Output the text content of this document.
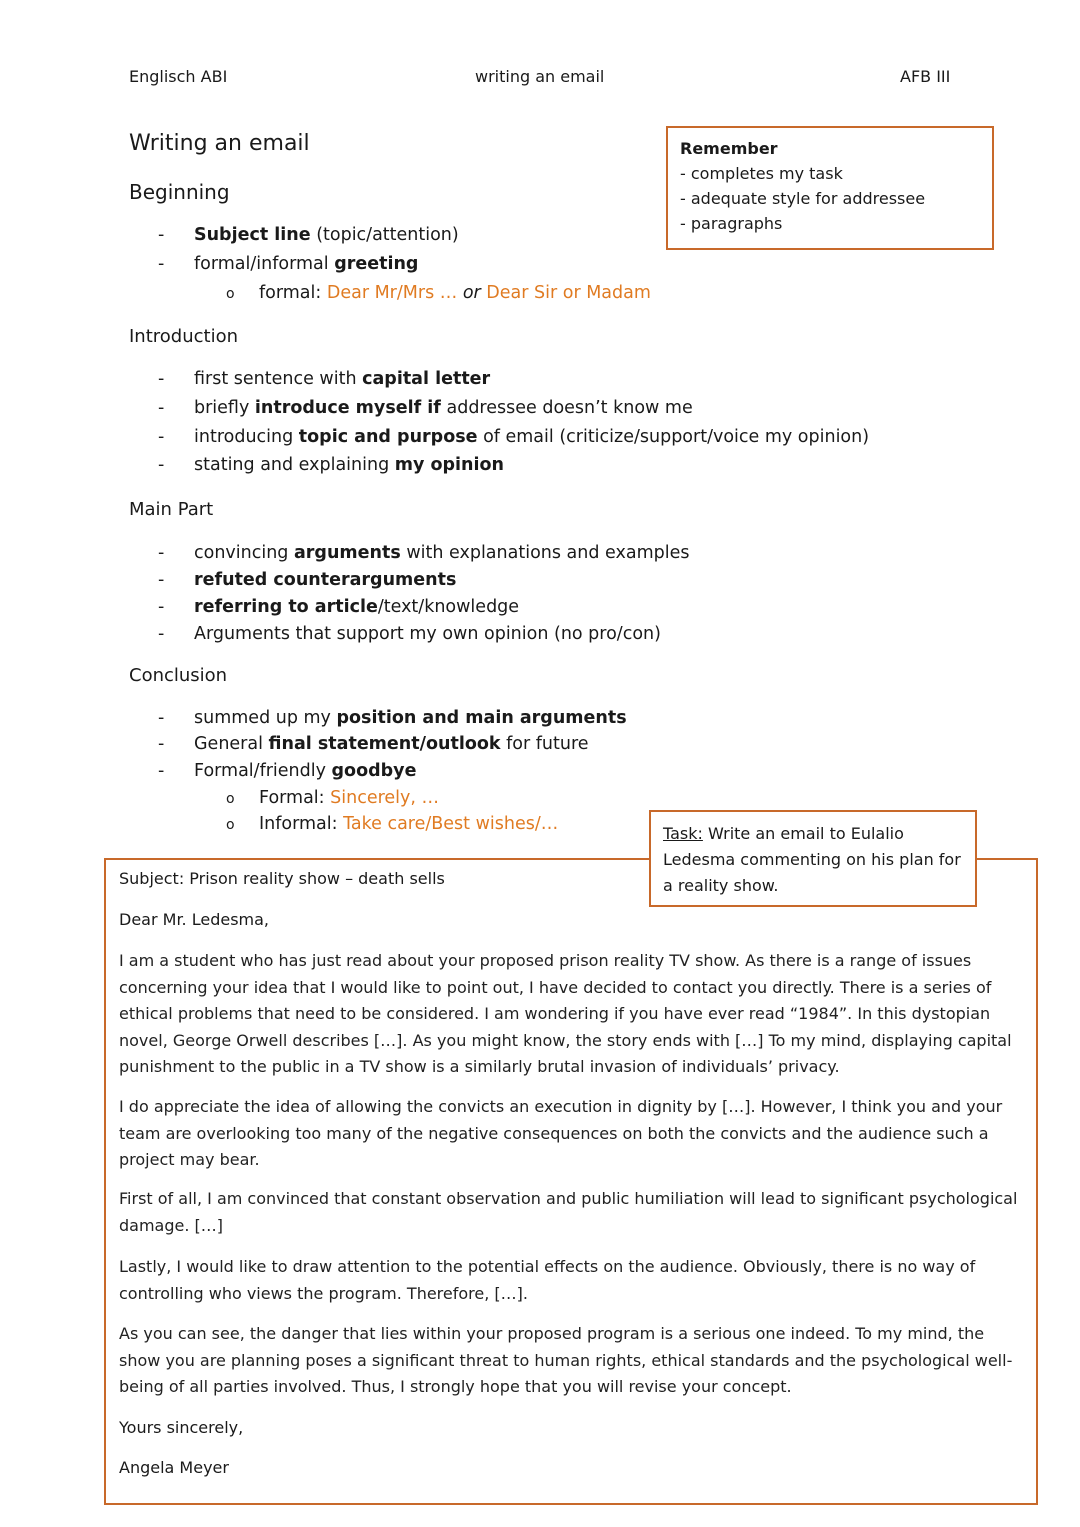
Englisch ABI	writing an email	AFB III
Writing an email	Remember
- completes my task
- adequate style for addressee
- paragraphs
Beginning
- Subject line (topic/attention)
- formal/informal greeting
o formal: Dear Mr/Mrs … or Dear Sir or Madam
Introduction
- first sentence with capital letter
- briefly introduce myself if addressee doesn’t know me
- introducing topic and purpose of email (criticize/support/voice my opinion)
- stating and explaining my opinion
Main Part
- convincing arguments with explanations and examples
- refuted counterarguments
- referring to article/text/knowledge
- Arguments that support my own opinion (no pro/con)
Conclusion
- summed up my position and main arguments
- General final statement/outlook for future
- Formal/friendly goodbye
o Formal: Sincerely, …
o Informal: Take care/Best wishes/…	Task: Write an email to Eulalio Ledesma commenting on his plan for a reality show.
Subject: Prison reality show – death sells
Dear Mr. Ledesma,
I am a student who has just read about your proposed prison reality TV show. As there is a range of issues concerning your idea that I would like to point out, I have decided to contact you directly. There is a series of ethical problems that need to be considered. I am wondering if you have ever read “1984”. In this dystopian novel, George Orwell describes […]. As you might know, the story ends with […] To my mind, displaying capital punishment to the public in a TV show is a similarly brutal invasion of individuals’ privacy.
I do appreciate the idea of allowing the convicts an execution in dignity by […]. However, I think you and your team are overlooking too many of the negative consequences on both the convicts and the audience such a project may bear.
First of all, I am convinced that constant observation and public humiliation will lead to significant psychological damage. […]
Lastly, I would like to draw attention to the potential effects on the audience. Obviously, there is no way of controlling who views the program. Therefore, […].
As you can see, the danger that lies within your proposed program is a serious one indeed. To my mind, the show you are planning poses a significant threat to human rights, ethical standards and the psychological well-being of all parties involved. Thus, I strongly hope that you will revise your concept.
Yours sincerely,
Angela Meyer
